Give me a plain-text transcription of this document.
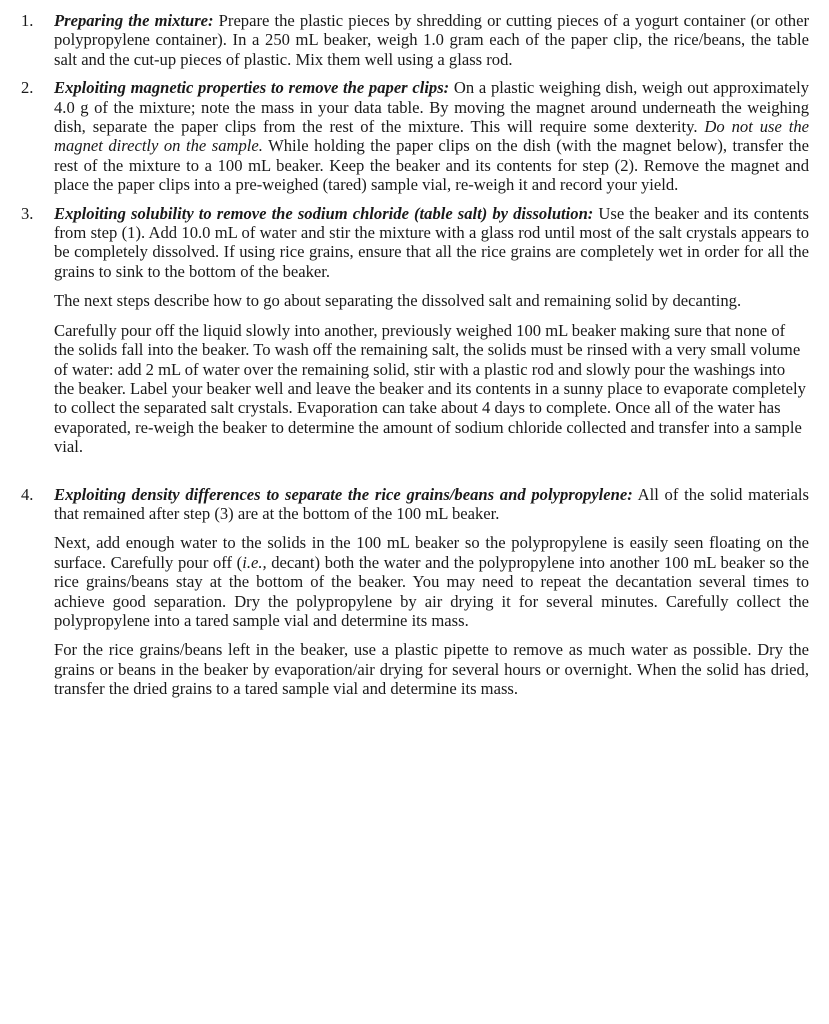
1. Preparing the mixture: Prepare the plastic pieces by shredding or cutting pieces of a yogurt container (or other polypropylene container). In a 250 mL beaker, weigh 1.0 gram each of the paper clip, the rice/beans, the table salt and the cut-up pieces of plastic. Mix them well using a glass rod.

2. Exploiting magnetic properties to remove the paper clips: On a plastic weighing dish, weigh out approximately 4.0 g of the mixture; note the mass in your data table. By moving the magnet around underneath the weighing dish, separate the paper clips from the rest of the mixture. This will require some dexterity. Do not use the magnet directly on the sample. While holding the paper clips on the dish (with the magnet below), transfer the rest of the mixture to a 100 mL beaker. Keep the beaker and its contents for step (2). Remove the magnet and place the paper clips into a pre-weighed (tared) sample vial, re-weigh it and record your yield.

3. Exploiting solubility to remove the sodium chloride (table salt) by dissolution: Use the beaker and its contents from step (1). Add 10.0 mL of water and stir the mixture with a glass rod until most of the salt crystals appears to be completely dissolved. If using rice grains, ensure that all the rice grains are completely wet in order for all the grains to sink to the bottom of the beaker.

The next steps describe how to go about separating the dissolved salt and remaining solid by decanting.

Carefully pour off the liquid slowly into another, previously weighed 100 mL beaker making sure that none of the solids fall into the beaker. To wash off the remaining salt, the solids must be rinsed with a very small volume of water: add 2 mL of water over the remaining solid, stir with a plastic rod and slowly pour the washings into the beaker. Label your beaker well and leave the beaker and its contents in a sunny place to evaporate completely to collect the separated salt crystals. Evaporation can take about 4 days to complete. Once all of the water has evaporated, re-weigh the beaker to determine the amount of sodium chloride collected and transfer into a sample vial.

4. Exploiting density differences to separate the rice grains/beans and polypropylene: All of the solid materials that remained after step (3) are at the bottom of the 100 mL beaker.

Next, add enough water to the solids in the 100 mL beaker so the polypropylene is easily seen floating on the surface. Carefully pour off (i.e., decant) both the water and the polypropylene into another 100 mL beaker so the rice grains/beans stay at the bottom of the beaker. You may need to repeat the decantation several times to achieve good separation. Dry the polypropylene by air drying it for several minutes. Carefully collect the polypropylene into a tared sample vial and determine its mass.

For the rice grains/beans left in the beaker, use a plastic pipette to remove as much water as possible. Dry the grains or beans in the beaker by evaporation/air drying for several hours or overnight. When the solid has dried, transfer the dried grains to a tared sample vial and determine its mass.
